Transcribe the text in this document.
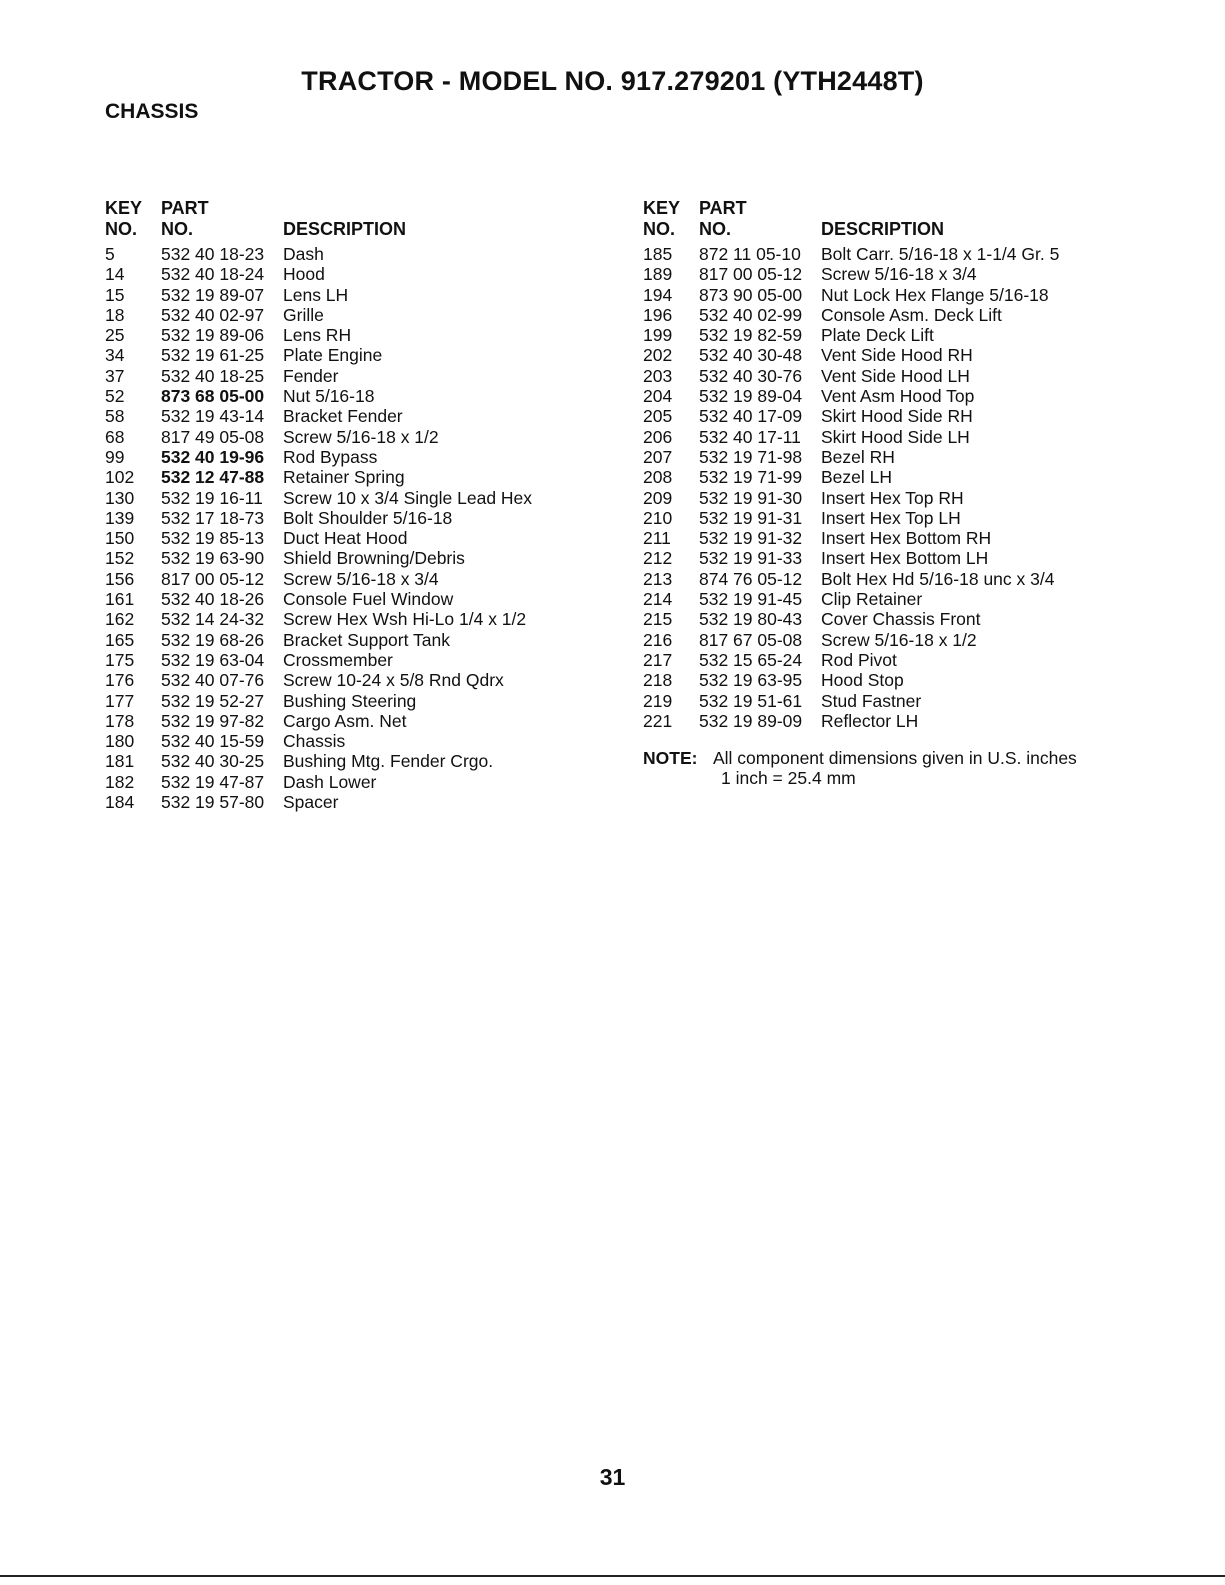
TRACTOR - MODEL NO. 917.279201 (YTH2448T)
CHASSIS
KEY	PART
NO.	NO.	DESCRIPTION
5	532 40 18-23	Dash
14	532 40 18-24	Hood
15	532 19 89-07	Lens LH
18	532 40 02-97	Grille
25	532 19 89-06	Lens RH
34	532 19 61-25	Plate Engine
37	532 40 18-25	Fender
52	873 68 05-00	Nut 5/16-18
58	532 19 43-14	Bracket Fender
68	817 49 05-08	Screw 5/16-18 x 1/2
99	532 40 19-96	Rod Bypass
102	532 12 47-88	Retainer Spring
130	532 19 16-11	Screw 10 x 3/4 Single Lead Hex
139	532 17 18-73	Bolt Shoulder 5/16-18
150	532 19 85-13	Duct Heat Hood
152	532 19 63-90	Shield Browning/Debris
156	817 00 05-12	Screw 5/16-18 x 3/4
161	532 40 18-26	Console Fuel Window
162	532 14 24-32	Screw Hex Wsh Hi-Lo 1/4 x 1/2
165	532 19 68-26	Bracket Support Tank
175	532 19 63-04	Crossmember
176	532 40 07-76	Screw 10-24 x 5/8 Rnd Qdrx
177	532 19 52-27	Bushing Steering
178	532 19 97-82	Cargo Asm. Net
180	532 40 15-59	Chassis
181	532 40 30-25	Bushing Mtg. Fender Crgo.
182	532 19 47-87	Dash Lower
184	532 19 57-80	Spacer
KEY	PART
NO.	NO.	DESCRIPTION
185	872 11 05-10	Bolt Carr. 5/16-18 x 1-1/4 Gr. 5
189	817 00 05-12	Screw 5/16-18 x 3/4
194	873 90 05-00	Nut Lock Hex Flange 5/16-18
196	532 40 02-99	Console Asm. Deck Lift
199	532 19 82-59	Plate Deck Lift
202	532 40 30-48	Vent Side Hood RH
203	532 40 30-76	Vent Side Hood LH
204	532 19 89-04	Vent Asm Hood Top
205	532 40 17-09	Skirt Hood Side RH
206	532 40 17-11	Skirt Hood Side LH
207	532 19 71-98	Bezel RH
208	532 19 71-99	Bezel LH
209	532 19 91-30	Insert Hex Top RH
210	532 19 91-31	Insert Hex Top LH
211	532 19 91-32	Insert Hex Bottom RH
212	532 19 91-33	Insert Hex Bottom LH
213	874 76 05-12	Bolt Hex Hd 5/16-18 unc x 3/4
214	532 19 91-45	Clip Retainer
215	532 19 80-43	Cover Chassis Front
216	817 67 05-08	Screw 5/16-18 x 1/2
217	532 15 65-24	Rod Pivot
218	532 19 63-95	Hood Stop
219	532 19 51-61	Stud Fastner
221	532 19 89-09	Reflector LH
NOTE: All component dimensions given in U.S. inches
1 inch = 25.4 mm
31
